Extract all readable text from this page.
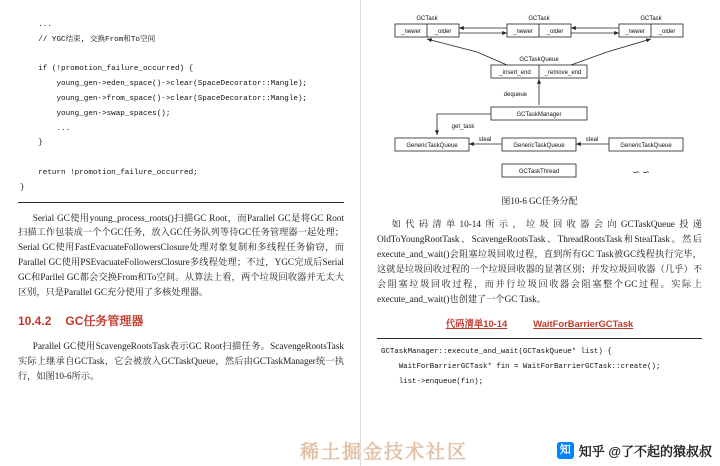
...
// YGC结束, 交换From和To空间

if (!promotion_failure_occurred) {
young_gen->eden_space()->clear(SpaceDecorator::Mangle);
young_gen->from_space()->clear(SpaceDecorator::Mangle);
young_gen->swap_spaces();
...
}

return !promotion_failure_occurred;
}

Serial GC使用young_process_roots()扫描GC Root，而Parallel GC是将GC Root扫描工作包装成一个个GC任务，放入GC任务队列等待GC任务管理器一起处理；Serial GC使用FastEvacuateFollowersClosure处理对象复制和多线程任务偷窃，而Parallel GC使用PSEvacuateFollowersClosure多线程处理；不过，YGC完成后Serial GC和Parllel GC都会交换From和To空间。从算法上看，两个垃圾回收器并无太大区别，只是Parallel GC充分使用了多核处理器。

10.4.2 GC任务管理器

Parallel GC使用ScavengeRootsTask表示GC Root扫描任务。ScavengeRootsTask实际上继承自GCTask，它会被放入GCTaskQueue，然后由GCTaskManager统一执行，如图10-6所示。

GCTask
_newer _older
GCTask
_newer _older
GCTask
_newer _older
GCTaskQueue
_insert_end _remove_end
dequeue
GCTaskManager
get_task
GenericTaskQueue	GenericTaskQueue	GenericTaskQueue
steal	steal
GCTaskThread	∽ ∽
图10-6 GC任务分配

如代码清单10-14所示，垃圾回收器会向GCTaskQueue投递OldToYoungRootTask、ScavengeRootsTask、ThreadRootsTask和StealTask。然后execute_and_wait()会阻塞垃圾回收过程，直到所有GC Task被GC线程执行完毕，这就是垃圾回收过程的一个垃圾回收器的显著区别；并发垃圾回收器（几乎）不会阻塞垃圾回收过程，而并行垃圾回收器会阻塞整个GC过程。实际上execute_and_wait()也创建了一个GC Task。

代码清单10-14	WaitForBarrierGCTask
GCTaskManager::execute_and_wait(GCTaskQueue* list) {
WaitForBarrierGCTask* fin = WaitForBarrierGCTask::create();
list->enqueue(fin);
稀土掘金技术社区	知 知乎 @了不起的猿叔叔
